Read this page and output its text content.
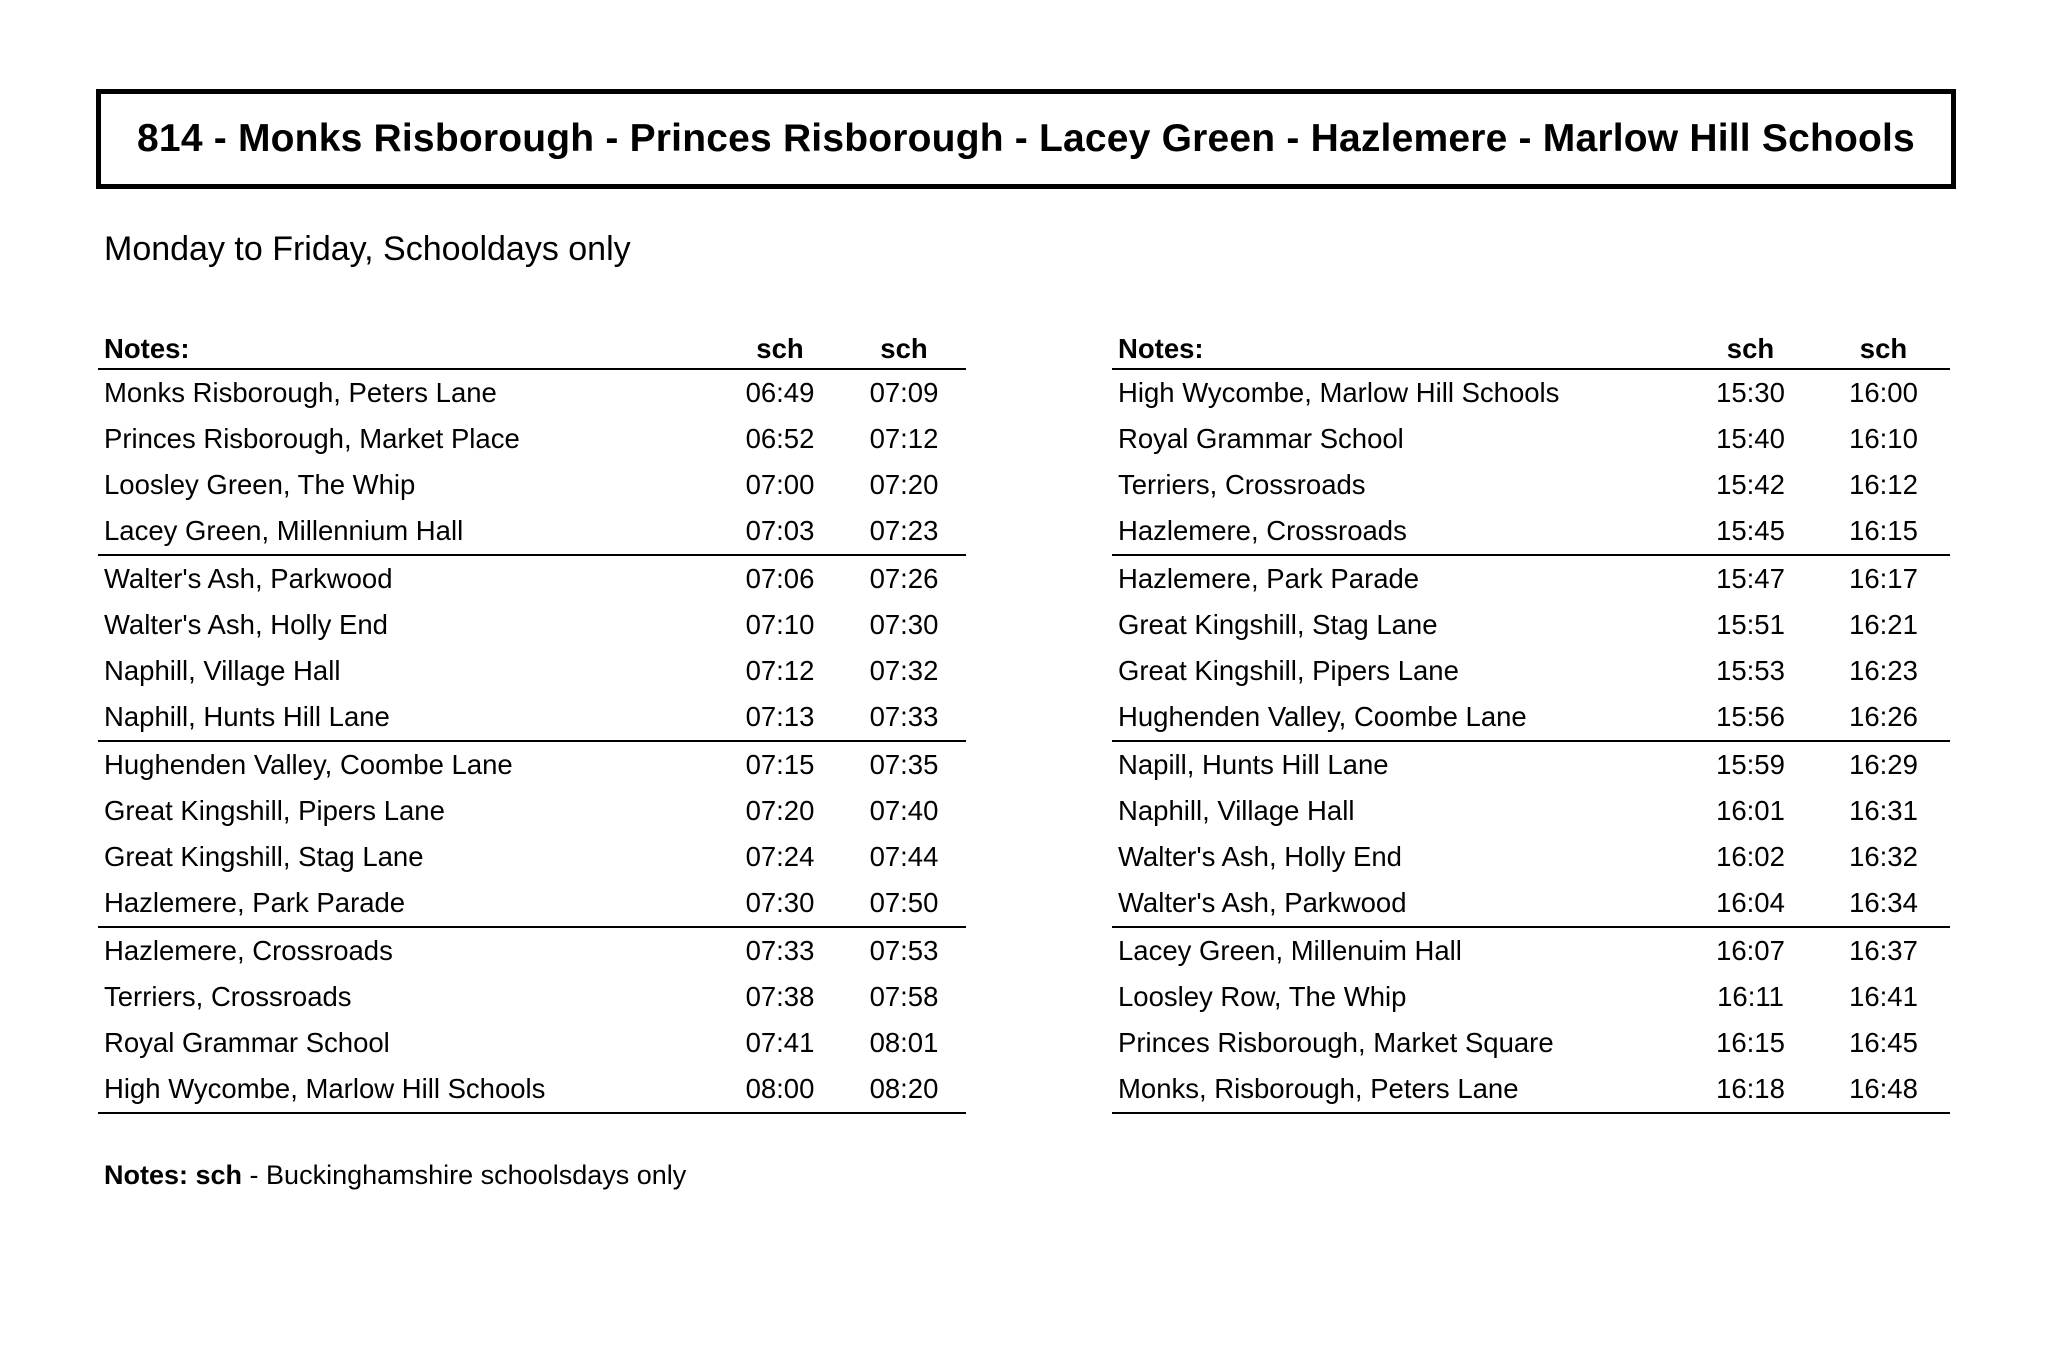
814 - Monks Risborough - Princes Risborough - Lacey Green - Hazlemere - Marlow Hill Schools
Monday to Friday, Schooldays only
Notes:	sch	sch
Monks Risborough, Peters Lane	06:49	07:09
Princes Risborough, Market Place	06:52	07:12
Loosley Green, The Whip	07:00	07:20
Lacey Green, Millennium Hall	07:03	07:23
Walter's Ash, Parkwood	07:06	07:26
Walter's Ash, Holly End	07:10	07:30
Naphill, Village Hall	07:12	07:32
Naphill, Hunts Hill Lane	07:13	07:33
Hughenden Valley, Coombe Lane	07:15	07:35
Great Kingshill, Pipers Lane	07:20	07:40
Great Kingshill, Stag Lane	07:24	07:44
Hazlemere, Park Parade	07:30	07:50
Hazlemere, Crossroads	07:33	07:53
Terriers, Crossroads	07:38	07:58
Royal Grammar School	07:41	08:01
High Wycombe, Marlow Hill Schools	08:00	08:20
Notes:	sch	sch
High Wycombe, Marlow Hill Schools	15:30	16:00
Royal Grammar School	15:40	16:10
Terriers, Crossroads	15:42	16:12
Hazlemere, Crossroads	15:45	16:15
Hazlemere, Park Parade	15:47	16:17
Great Kingshill, Stag Lane	15:51	16:21
Great Kingshill, Pipers Lane	15:53	16:23
Hughenden Valley, Coombe Lane	15:56	16:26
Napill, Hunts Hill Lane	15:59	16:29
Naphill, Village Hall	16:01	16:31
Walter's Ash, Holly End	16:02	16:32
Walter's Ash, Parkwood	16:04	16:34
Lacey Green, Millenuim Hall	16:07	16:37
Loosley Row, The Whip	16:11	16:41
Princes Risborough, Market Square	16:15	16:45
Monks, Risborough, Peters Lane	16:18	16:48
Notes: sch - Buckinghamshire schoolsdays only
